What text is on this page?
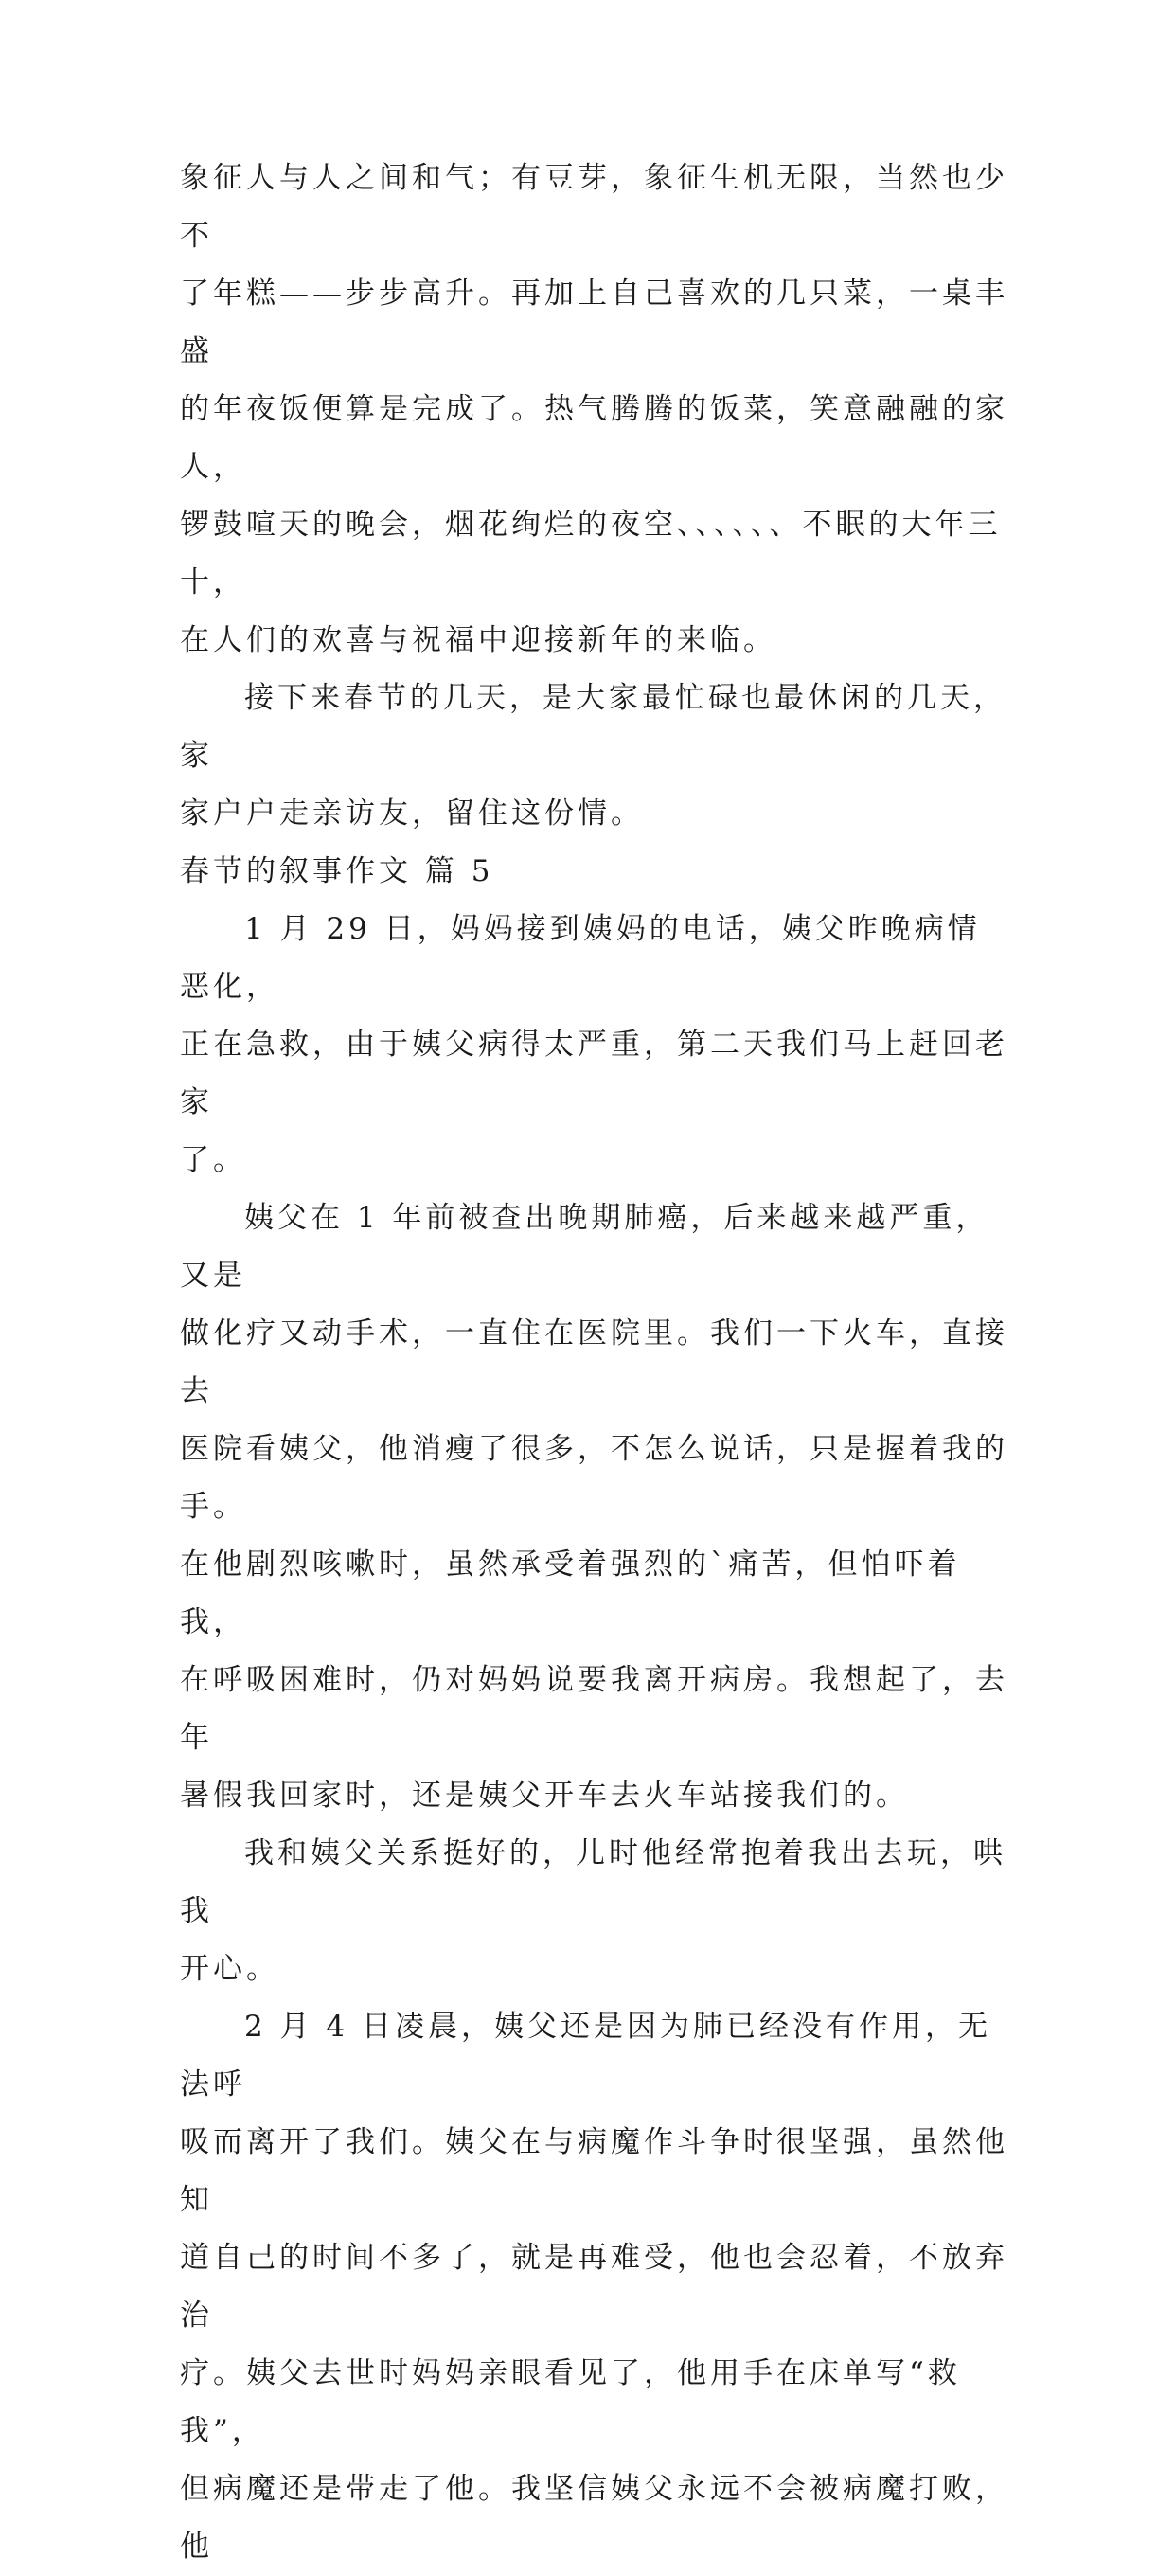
象征人与人之间和气；有豆芽，象征生机无限，当然也少不
了年糕——步步高升。再加上自己喜欢的几只菜，一桌丰盛
的年夜饭便算是完成了。热气腾腾的饭菜，笑意融融的家人，
锣鼓喧天的晚会，烟花绚烂的夜空、、、、、、不眠的大年三十，
在人们的欢喜与祝福中迎接新年的来临。

接下来春节的几天，是大家最忙碌也最休闲的几天，家
家户户走亲访友，留住这份情。

春节的叙事作文 篇 5

1 月 29 日，妈妈接到姨妈的电话，姨父昨晚病情恶化，
正在急救，由于姨父病得太严重，第二天我们马上赶回老家
了。

姨父在 1 年前被查出晚期肺癌，后来越来越严重，又是
做化疗又动手术，一直住在医院里。我们一下火车，直接去
医院看姨父，他消瘦了很多，不怎么说话，只是握着我的手。
在他剧烈咳嗽时，虽然承受着强烈的`痛苦，但怕吓着我，
在呼吸困难时，仍对妈妈说要我离开病房。我想起了，去年
暑假我回家时，还是姨父开车去火车站接我们的。

我和姨父关系挺好的，儿时他经常抱着我出去玩，哄我
开心。

2 月 4 日凌晨，姨父还是因为肺已经没有作用，无法呼
吸而离开了我们。姨父在与病魔作斗争时很坚强，虽然他知
道自己的时间不多了，就是再难受，他也会忍着，不放弃治
疗。姨父去世时妈妈亲眼看见了，他用手在床单写“救我”，
但病魔还是带走了他。我坚信姨父永远不会被病魔打败，他
